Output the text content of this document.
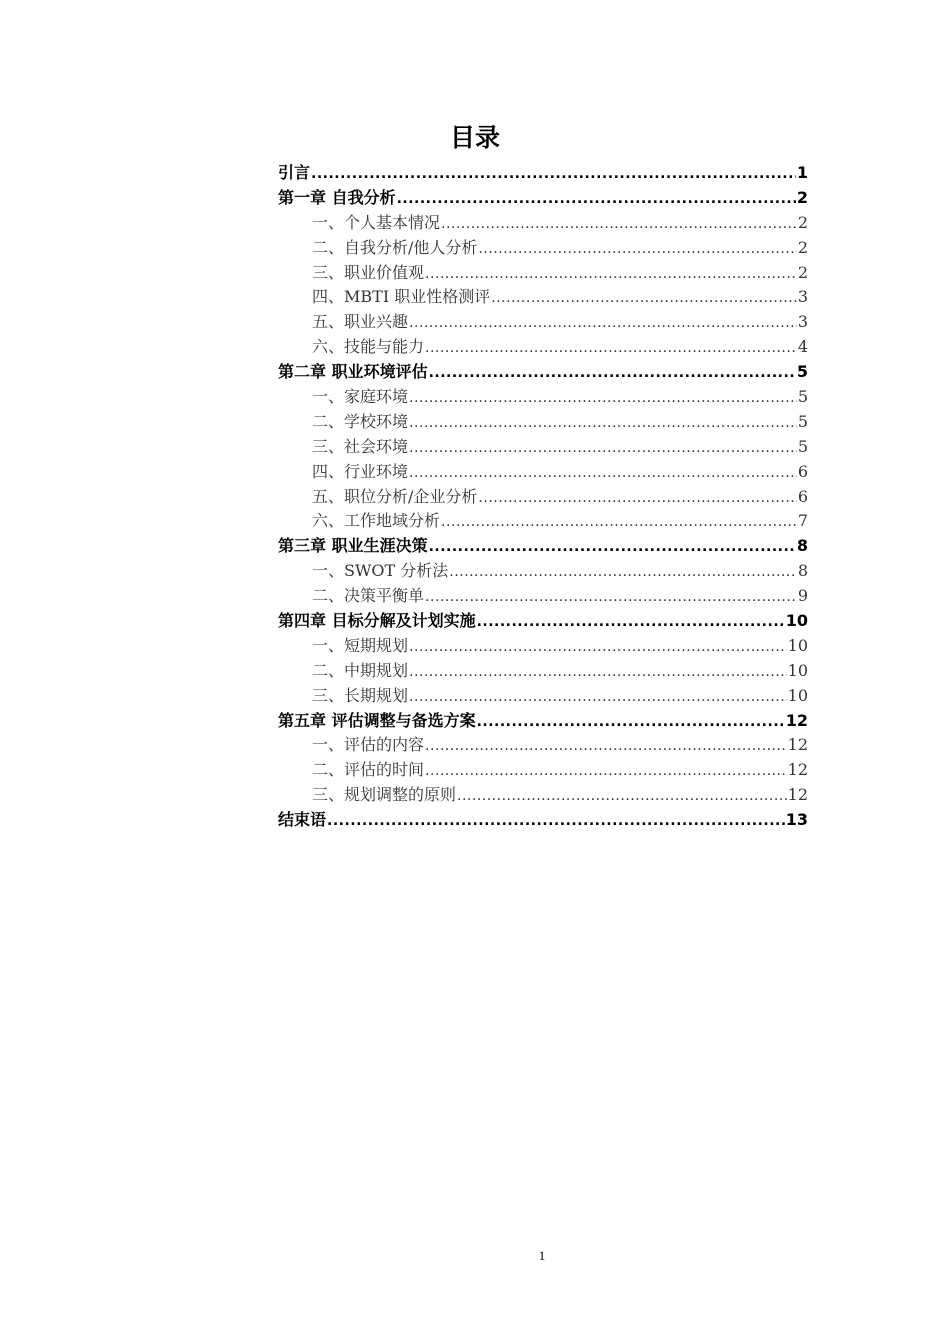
目录
引言 .....	1
第一章 自我分析 .....	2
一、个人基本情况 .....	2
二、自我分析/他人分析 .....	2
三、职业价值观 .....	2
四、MBTI 职业性格测评 .....	3
五、职业兴趣 .....	3
六、技能与能力 .....	4
第二章 职业环境评估 .....	5
一、家庭环境 .....	5
二、学校环境 .....	5
三、社会环境 .....	5
四、行业环境 .....	6
五、职位分析/企业分析 .....	6
六、工作地域分析 .....	7
第三章 职业生涯决策 .....	8
一、SWOT 分析法 .....	8
二、决策平衡单 .....	9
第四章 目标分解及计划实施 .....	10
一、短期规划 .....	10
二、中期规划 .....	10
三、长期规划 .....	10
第五章 评估调整与备选方案 .....	12
一、评估的内容 .....	12
二、评估的时间 .....	12
三、规划调整的原则 .....	12
结束语 .....	13
1
